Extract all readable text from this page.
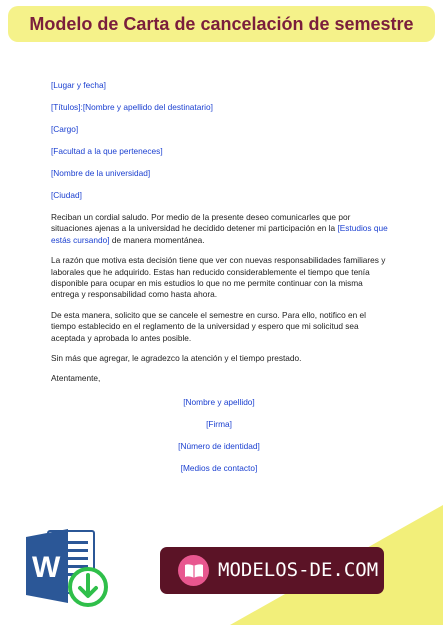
Modelo de Carta de cancelación de semestre
[Lugar y fecha]
[Títulos]:[Nombre y apellido del destinatario]
[Cargo]
[Facultad a la que perteneces]
[Nombre de la universidad]
[Ciudad]

Reciban un cordial saludo. Por medio de la presente deseo comunicarles que por situaciones ajenas a la universidad he decidido detener mi participación en la [Estudios que estás cursando] de manera momentánea.

La razón que motiva esta decisión tiene que ver con nuevas responsabilidades familiares y laborales que he adquirido. Estas han reducido considerablemente el tiempo que tenía disponible para ocupar en mis estudios lo que no me permite continuar con la misma entrega y responsabilidad como hasta ahora.

De esta manera, solicito que se cancele el semestre en curso. Para ello, notifico en el tiempo establecido en el reglamento de la universidad y espero que mi solicitud sea aceptada y aprobada lo antes posible.

Sin más que agregar, le agradezco la atención y el tiempo prestado.

Atentamente,

[Nombre y apellido]
[Firma]
[Número de identidad]
[Medios de contacto]
W	MODELOS-DE.COM
